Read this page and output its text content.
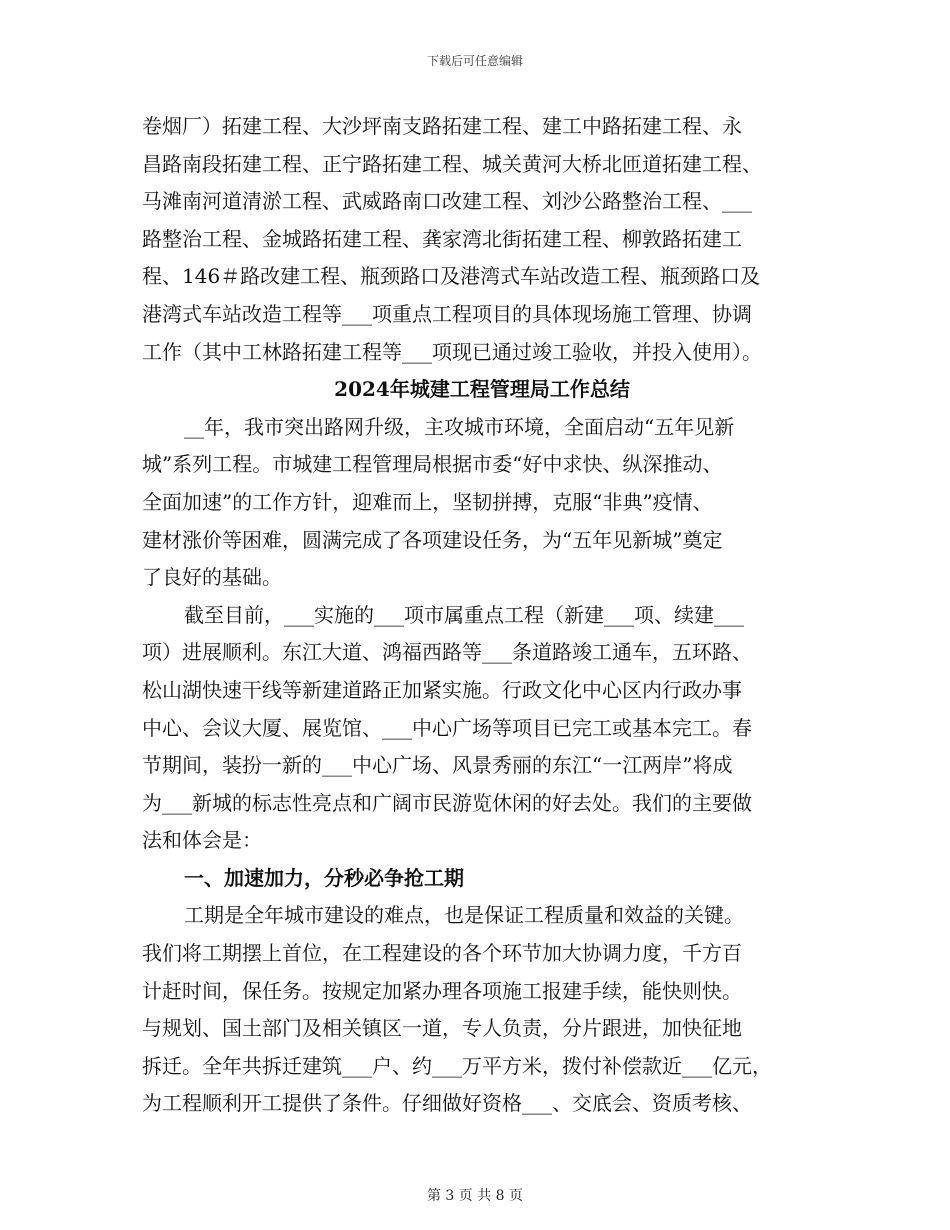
下载后可任意编辑
卷烟厂）拓建工程、大沙坪南支路拓建工程、建工中路拓建工程、永
昌路南段拓建工程、正宁路拓建工程、城关黄河大桥北匝道拓建工程、
马滩南河道清淤工程、武威路南口改建工程、刘沙公路整治工程、___
路整治工程、金城路拓建工程、龚家湾北街拓建工程、柳敦路拓建工
程、146＃路改建工程、瓶颈路口及港湾式车站改造工程、瓶颈路口及
港湾式车站改造工程等___项重点工程项目的具体现场施工管理、协调
工作（其中工林路拓建工程等___项现已通过竣工验收，并投入使用）。
2024年城建工程管理局工作总结
__年，我市突出路网升级，主攻城市环境，全面启动“五年见新
城”系列工程。市城建工程管理局根据市委“好中求快、纵深推动、
全面加速”的工作方针，迎难而上，坚韧拼搏，克服“非典”疫情、
建材涨价等困难，圆满完成了各项建设任务，为“五年见新城”奠定
了良好的基础。
截至目前，___实施的___项市属重点工程（新建___项、续建___
项）进展顺利。东江大道、鸿福西路等___条道路竣工通车，五环路、
松山湖快速干线等新建道路正加紧实施。行政文化中心区内行政办事
中心、会议大厦、展览馆、___中心广场等项目已完工或基本完工。春
节期间，装扮一新的___中心广场、风景秀丽的东江“一江两岸”将成
为___新城的标志性亮点和广阔市民游览休闲的好去处。我们的主要做
法和体会是：
一、加速加力，分秒必争抢工期
工期是全年城市建设的难点，也是保证工程质量和效益的关键。
我们将工期摆上首位，在工程建设的各个环节加大协调力度，千方百
计赶时间，保任务。按规定加紧办理各项施工报建手续，能快则快。
与规划、国土部门及相关镇区一道，专人负责，分片跟进，加快征地
拆迁。全年共拆迁建筑___户、约___万平方米，拨付补偿款近___亿元，
为工程顺利开工提供了条件。仔细做好资格___、交底会、资质考核、
第 3 页 共 8 页
